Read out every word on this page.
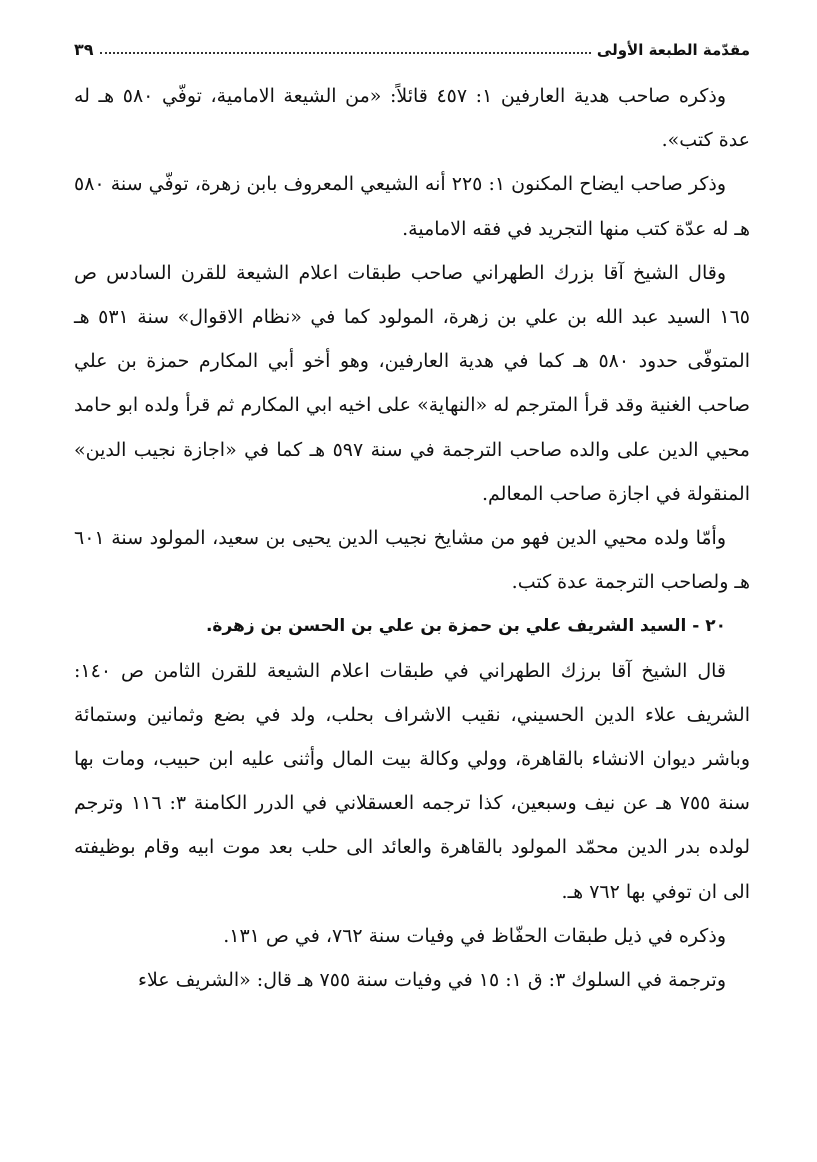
مقدّمة الطبعة الأولى
٣٩

وذكره صاحب هدية العارفين ١: ٤٥٧ قائلاً: «من الشيعة الامامية، توفّي ٥٨٠ هـ له عدة كتب».

وذكر صاحب ايضاح المكنون ١: ٢٢٥ أنه الشيعي المعروف بابن زهرة، توفّي سنة ٥٨٠ هـ له عدّة كتب منها التجريد في فقه الامامية.

وقال الشيخ آقا بزرك الطهراني صاحب طبقات اعلام الشيعة للقرن السادس ص ١٦٥ السيد عبد الله بن علي بن زهرة، المولود كما في «نظام الاقوال» سنة ٥٣١ هـ المتوفّى حدود ٥٨٠ هـ كما في هدية العارفين، وهو أخو أبي المكارم حمزة بن علي صاحب الغنية وقد قرأ المترجم له «النهاية» على اخيه ابي المكارم ثم قرأ ولده ابو حامد محيي الدين على والده صاحب الترجمة في سنة ٥٩٧ هـ كما في «اجازة نجيب الدين» المنقولة في اجازة صاحب المعالم.

وأمّا ولده محيي الدين فهو من مشايخ نجيب الدين يحيى بن سعيد، المولود سنة ٦٠١ هـ ولصاحب الترجمة عدة كتب.

٢٠ - السيد الشريف علي بن حمزة بن علي بن الحسن بن زهرة.

قال الشيخ آقا برزك الطهراني في طبقات اعلام الشيعة للقرن الثامن ص ١٤٠: الشريف علاء الدين الحسيني، نقيب الاشراف بحلب، ولد في بضع وثمانين وستمائة وباشر ديوان الانشاء بالقاهرة، وولي وكالة بيت المال وأثنى عليه ابن حبيب، ومات بها سنة ٧٥٥ هـ عن نيف وسبعين، كذا ترجمه العسقلاني في الدرر الكامنة ٣: ١١٦ وترجم لولده بدر الدين محمّد المولود بالقاهرة والعائد الى حلب بعد موت ابيه وقام بوظيفته الى ان توفي بها ٧٦٢ هـ.

وذكره في ذيل طبقات الحفّاظ في وفيات سنة ٧٦٢، في ص ١٣١.

وترجمة في السلوك ٣: ق ١: ١٥ في وفيات سنة ٧٥٥ هـ قال: «الشريف علاء
